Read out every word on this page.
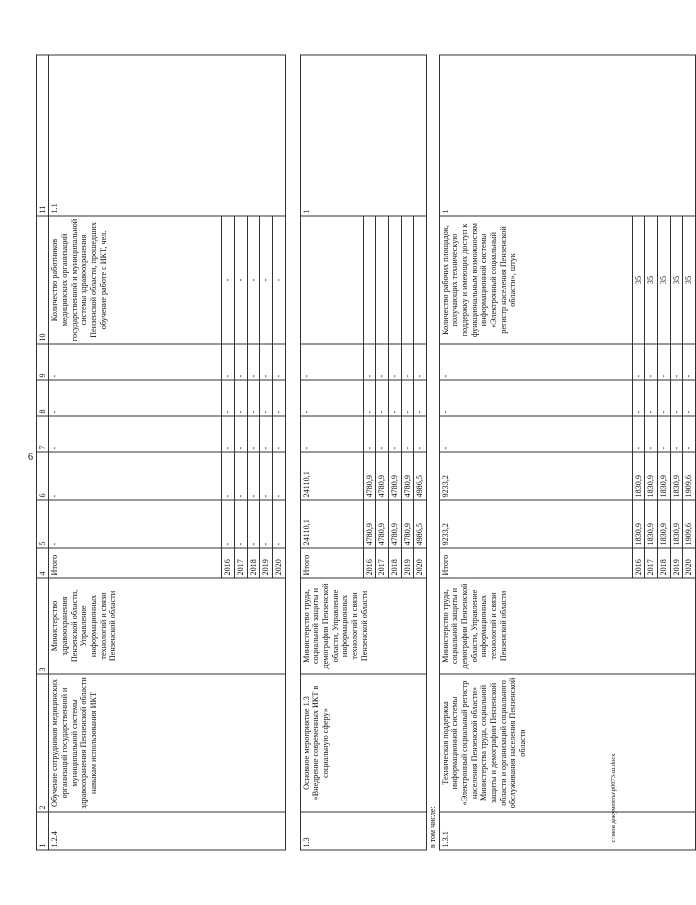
6
1	2	3	4	5	6	7	8	9	10	11
1.2.4	Обучение сотрудников медицинских организаций государственной и муниципальной системы здравоохранения Пензенской области навыкам использования ИКТ	Министерство здравоохранения Пензенской области, Управление информационных технологий и связи Пензенской области	Итого	-	-	-	-	-	Количество работников медицинских организаций государственной и муниципальной системы здравоохранения Пензенской области, прошедших обучение работе с ИКТ, чел.	1.1
			2016	-	-	-	-	-	-	
			2017	-	-	-	-	-	-	
			2018	-	-	-	-	-	-	
			2019	-	-	-	-	-	-	
			2020	-	-	-	-	-	-	

1.3	Основное мероприятие 1.3 «Внедрение современных ИКТ в социальную сферу»	Министерство труда, социальной защиты и демографии Пензенской области, Управление информационных технологий и связи Пензенской области	Итого	24110,1	24110,1	-	-	-		1
			2016	4780,9	4780,9	-	-	-		
			2017	4780,9	4780,9	-	-	-		
			2018	4780,9	4780,9	-	-	-		
			2019	4780,9	4780,9	-	-	-		
			2020	4986,5	4986,5	-	-	-		
в том числе:										
1.3.1	Техническая поддержка информационной системы «Электронный социальный регистр населения Пензенской области» Министерства труда, социальной защиты и демографии Пензенской области и организаций социального обслуживания населения Пензенской области	Министерство труда, социальной защиты и демографии Пензенской области, Управление информационных технологий и связи Пензенской области	Итого	9233,2	9233,2	-	-	-	Количество рабочих площадок, получающих техническую поддержку и имеющих доступ к функциональным возможностям информационной системы «Электронный социальный регистр населения Пензенской области», штук	1
			2016	1830,9	1830,9	-	-	-	35	
			2017	1830,9	1830,9	-	-	-	35	
			2018	1830,9	1830,9	-	-	-	35	
			2019	1830,9	1830,9	-	-	-	35	
			2020	1909,6	1909,6	-	-	-	35	
c:\мои документы\р0073-ш.docx
